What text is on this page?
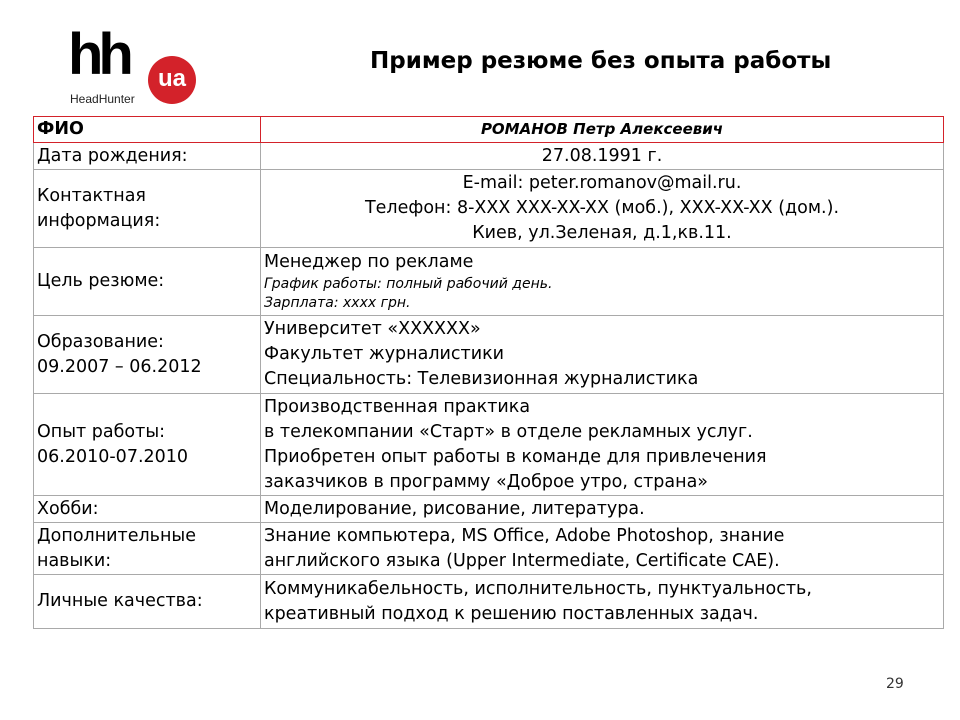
hh	ua
HeadHunter
Пример резюме без опыта работы
ФИО	РОМАНОВ Петр Алексеевич
Дата рождения:	27.08.1991 г.

Контактная
информация:	E-mail: peter.romanov@mail.ru.
Телефон: 8-XXX XXX-XX-XX (моб.), XXX-XX-XX (дом.).
Киев, ул.Зеленая, д.1,кв.11.

Цель резюме:	Менеджер по рекламе
График работы: полный рабочий день.
Зарплата: хххх грн.

Образование:
09.2007 – 06.2012	Университет «ХХХХХХ»
Факультет журналистики
Специальность: Телевизионная журналистика

Опыт работы:
06.2010-07.2010	Производственная практика
в телекомпании «Старт» в отделе рекламных услуг.
Приобретен опыт работы в команде для привлечения
заказчиков в программу «Доброе утро, страна»

Хобби:	Моделирование, рисование, литература.

Дополнительные
навыки:	Знание компьютера, MS Office, Adobe Photoshop, знание
английского языка (Upper Intermediate, Certificate CAE).

Личные качества:	Коммуникабельность, исполнительность, пунктуальность,
креативный подход к решению поставленных задач.
29
